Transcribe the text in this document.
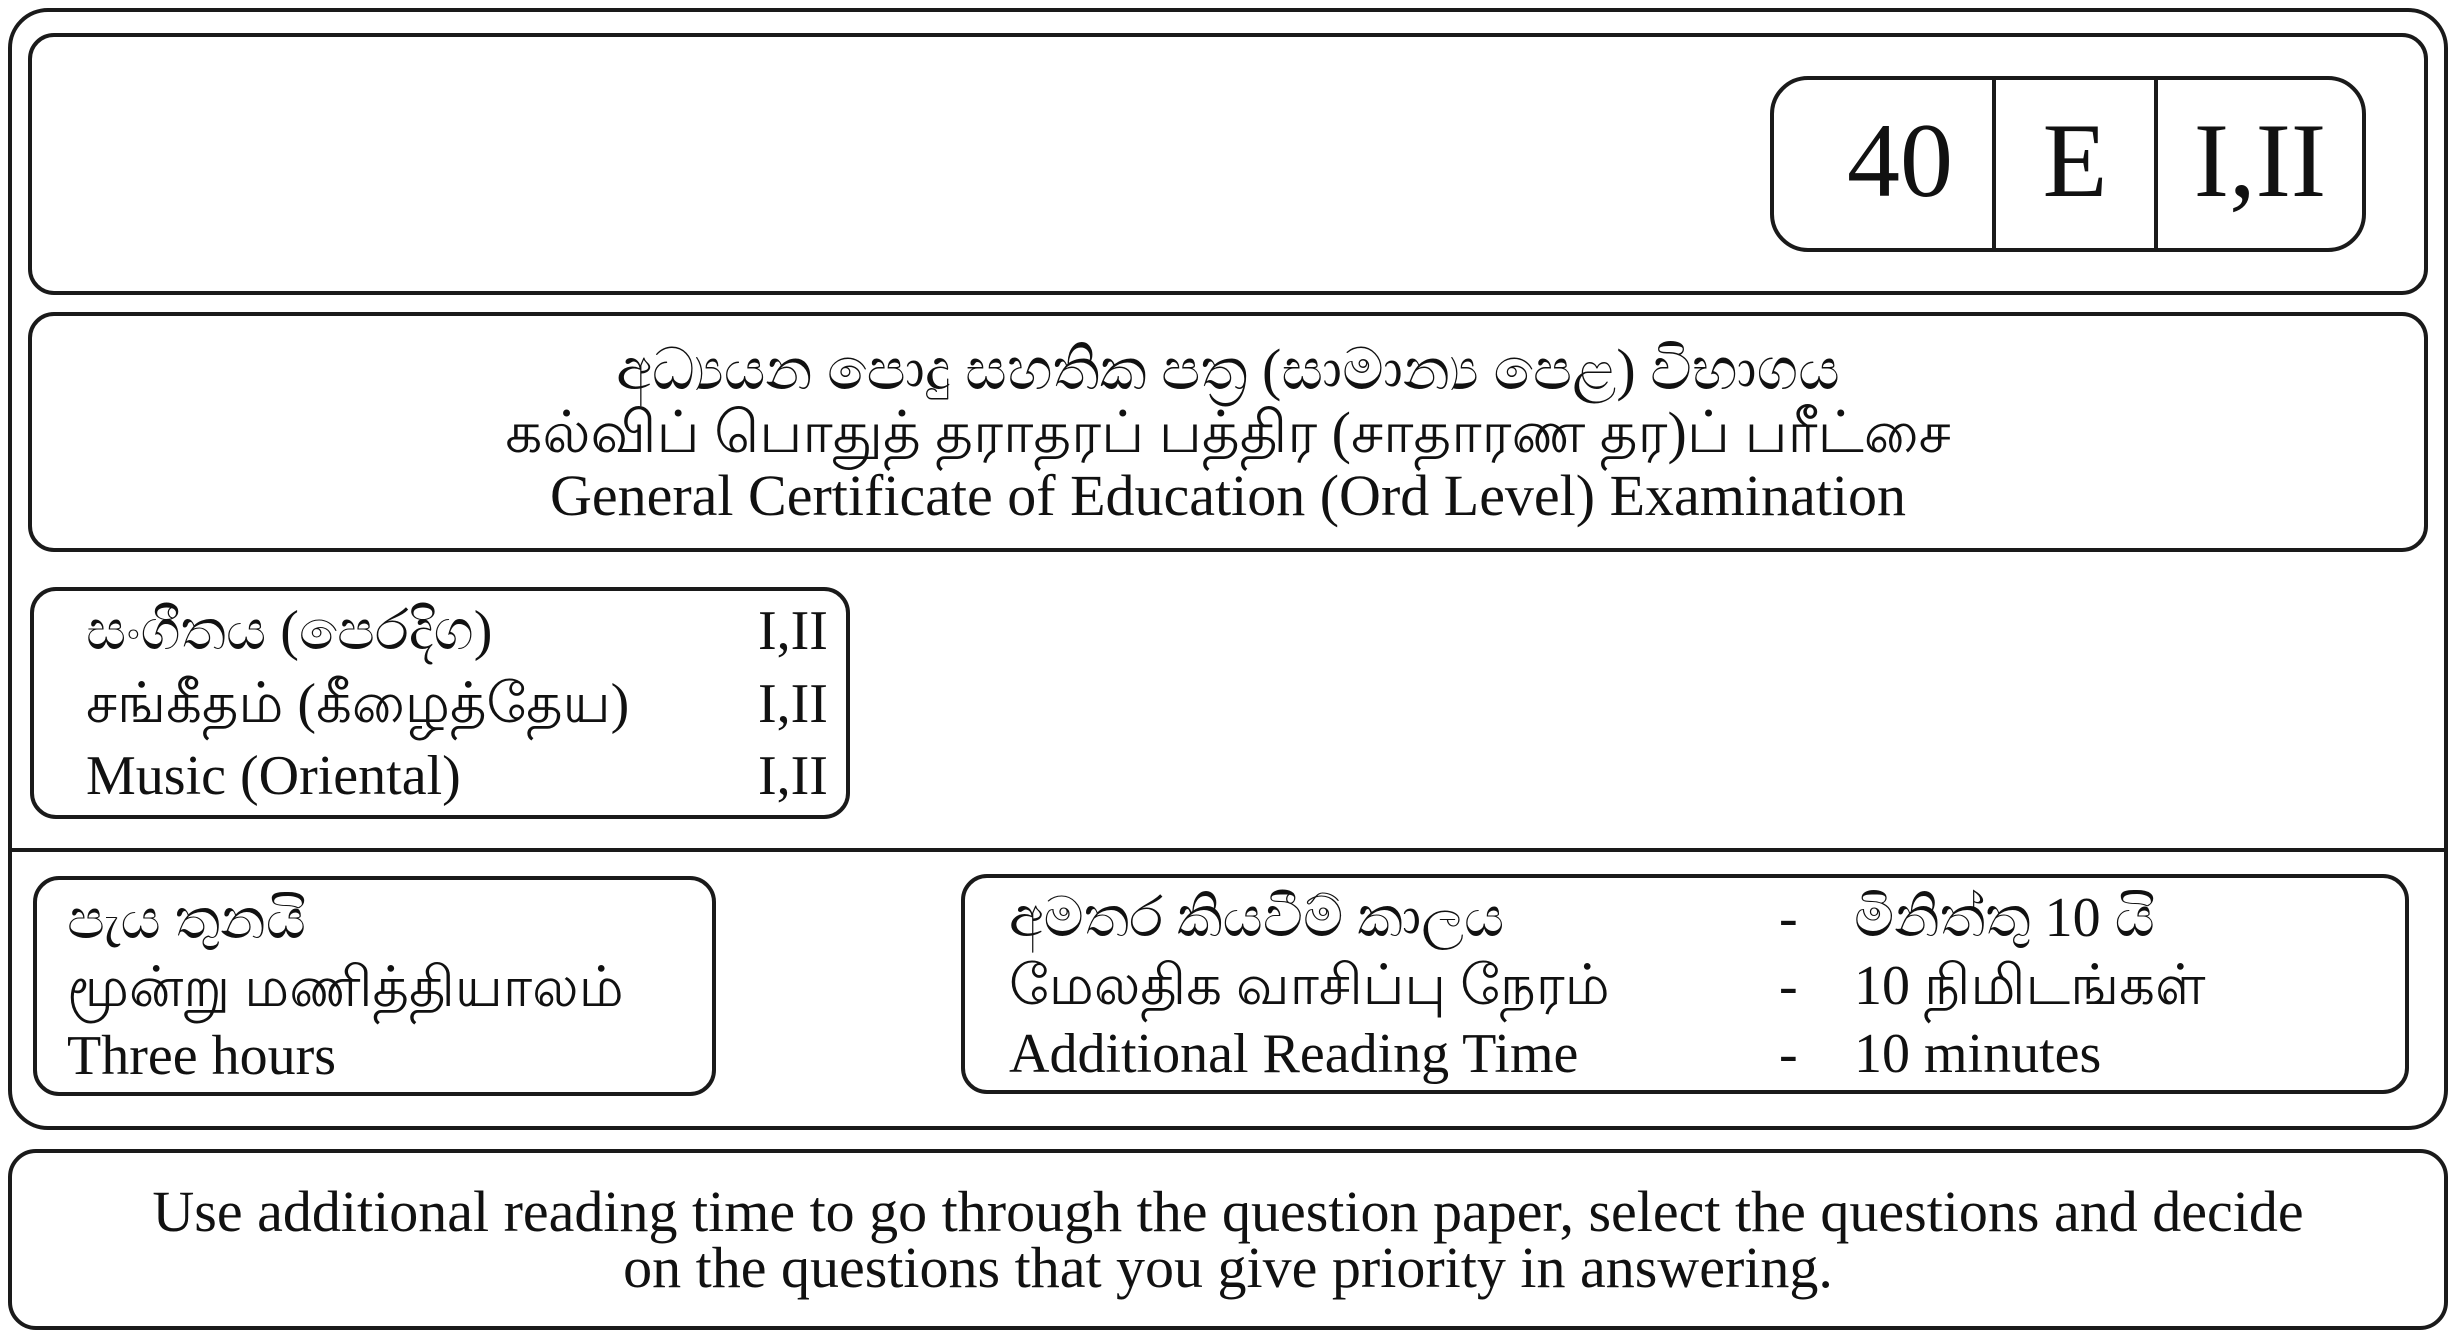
40 E I,II
අධ්‍යයන පොදු සහතික පත්‍ර (සාමාන්‍ය පෙළ) විභාගය
கல்விப் பொதுத் தராதரப் பத்திர (சாதாரண தர)ப் பரீட்சை
General Certificate of Education (Ord Level) Examination
සංගීතය (පෙරදිග)	I,II
சங்கீதம் (கீழைத்தேய) I,II
Music (Oriental)	I,II
පැය තුනයි
மூன்று மணித்தியாலம்
Three hours
අමතර කියවීම් කාලය	- මිනිත්තු 10 යි
மேலதிக வாசிப்பு நேரம்	- 10 நிமிடங்கள்
Additional Reading Time	- 10 minutes
Use additional reading time to go through the question paper, select the questions and decide
on the questions that you give priority in answering.
